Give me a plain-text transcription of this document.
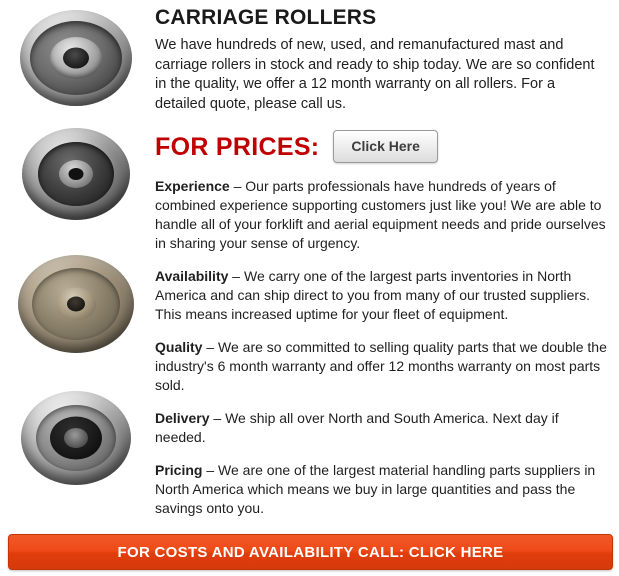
CARRIAGE ROLLERS

We have hundreds of new, used, and remanufactured mast and carriage rollers in stock and ready to ship today. We are so confident in the quality, we offer a 12 month warranty on all rollers. For a detailed quote, please call us.

FOR PRICES:	Click Here

Experience – Our parts professionals have hundreds of years of combined experience supporting customers just like you! We are able to handle all of your forklift and aerial equipment needs and pride ourselves in sharing your sense of urgency.

Availability – We carry one of the largest parts inventories in North America and can ship direct to you from many of our trusted suppliers. This means increased uptime for your fleet of equipment.

Quality – We are so committed to selling quality parts that we double the industry's 6 month warranty and offer 12 months warranty on most parts sold.

Delivery – We ship all over North and South America. Next day if needed.

Pricing – We are one of the largest material handling parts suppliers in North America which means we buy in large quantities and pass the savings onto you.

FOR COSTS AND AVAILABILITY CALL: CLICK HERE
